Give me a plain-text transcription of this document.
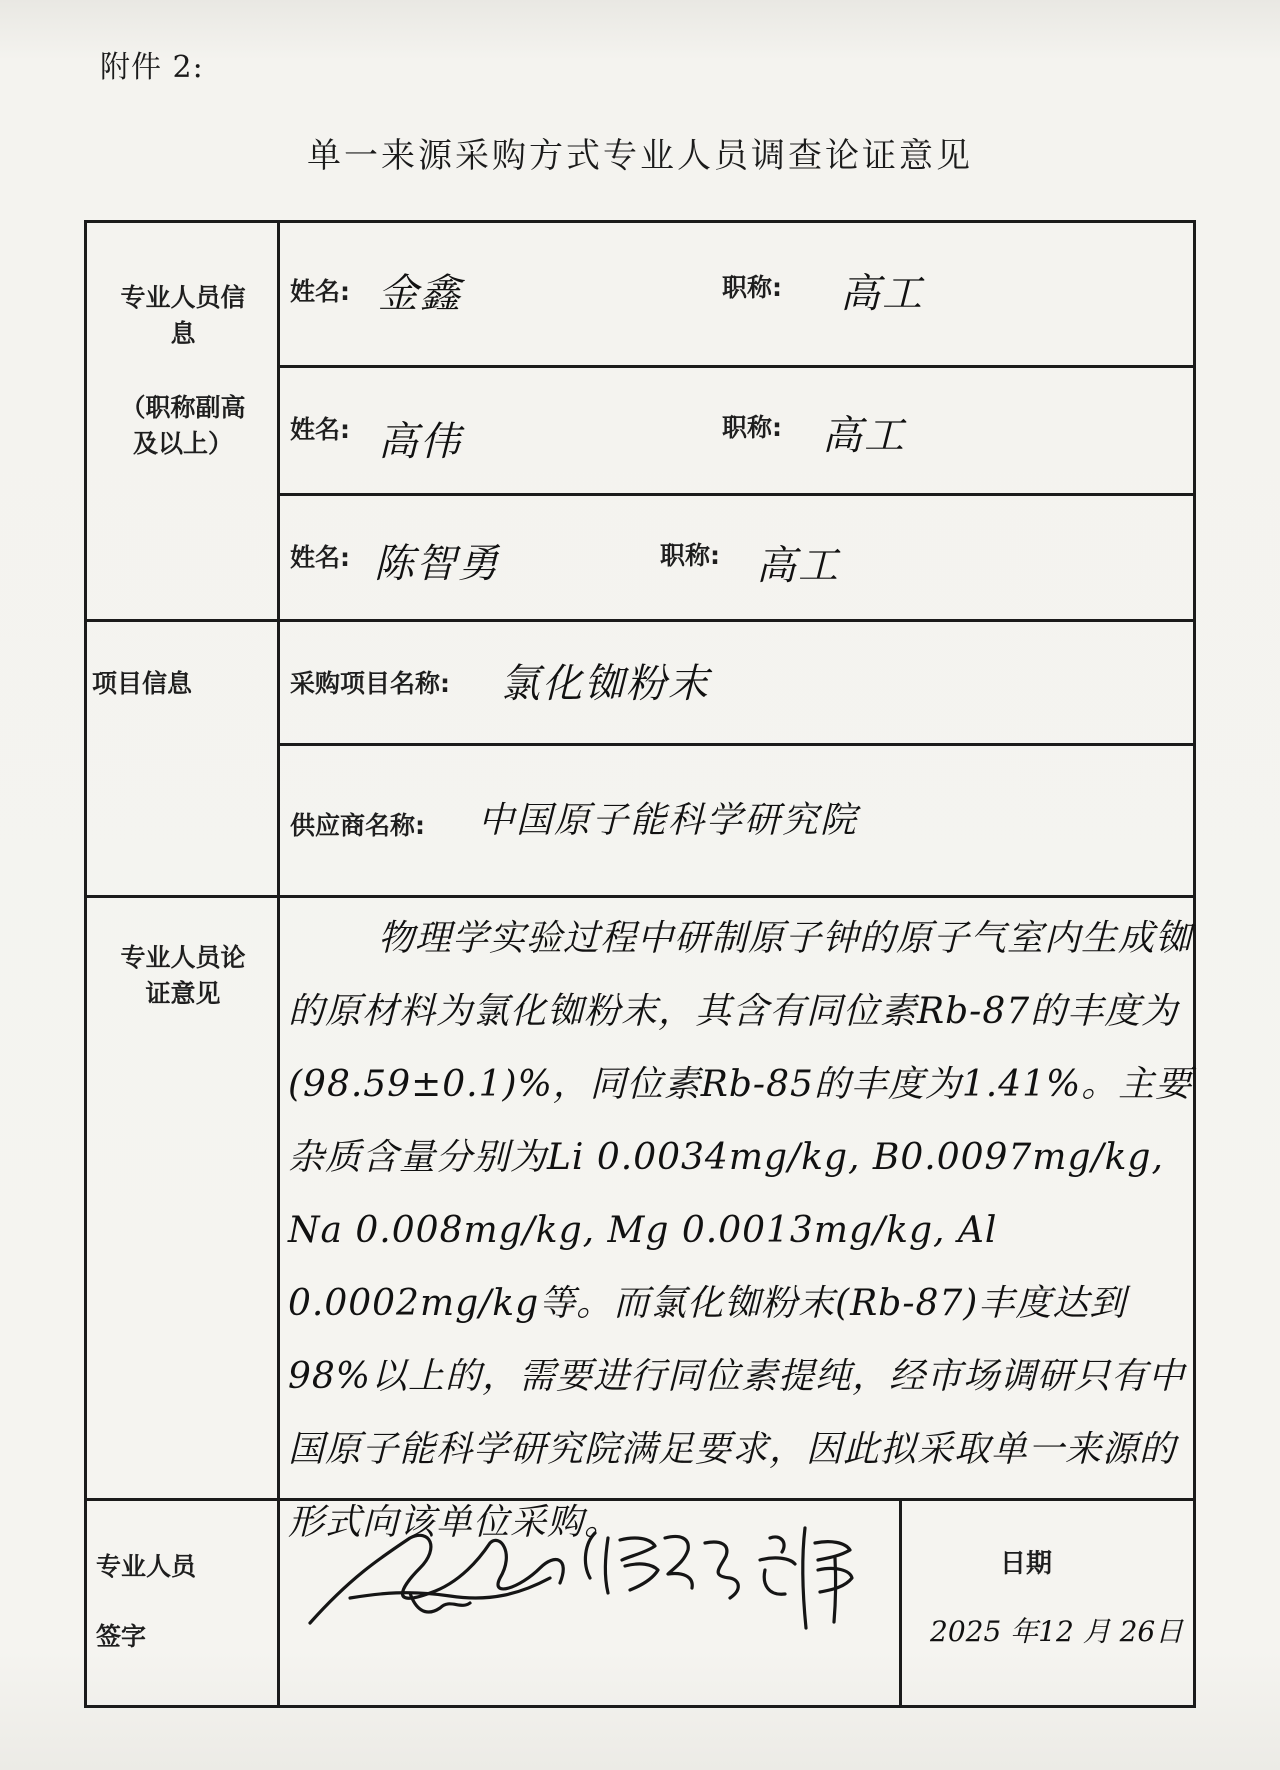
附件 2:
单一来源采购方式专业人员调查论证意见
专业人员信
息
（职称副高
及以上）
姓名: 金鑫	职称: 高工
姓名: 高伟	职称: 高工
姓名: 陈智勇	职称: 高工
项目信息	采购项目名称: 氯化铷粉末
供应商名称: 中国原子能科学研究院
专业人员论
证意见

物理学实验过程中研制原子钟的原子气室内生成铷的原材料为氯化铷粉末，其含有同位素Rb-87的丰度为(98.59±0.1)%，同位素Rb-85的丰度为1.41%。主要杂质含量分别为Li 0.0034mg/kg, B0.0097mg/kg, Na 0.008mg/kg, Mg 0.0013mg/kg, Al 0.0002mg/kg等。而氯化铷粉末(Rb-87)丰度达到98%以上的，需要进行同位素提纯，经市场调研只有中国原子能科学研究院满足要求，因此拟采取单一来源的形式向该单位采购。

专业人员
签字
日期
2025 年12 月 26日
